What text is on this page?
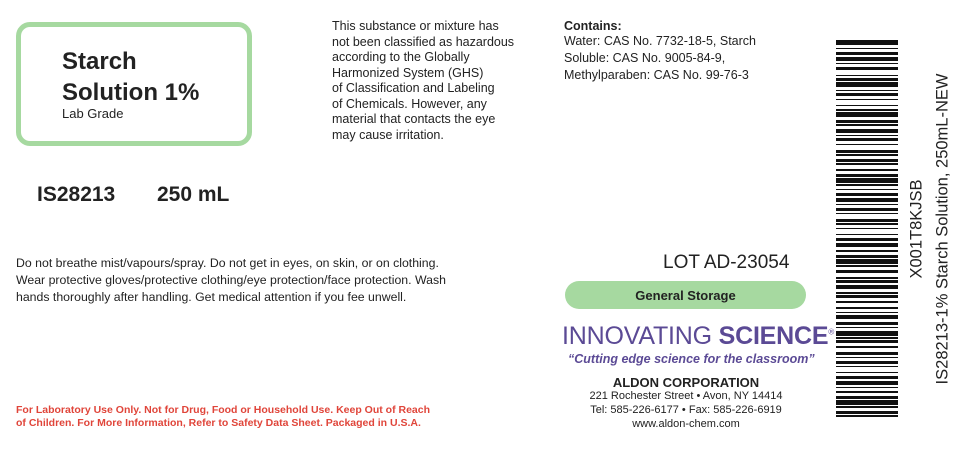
Starch
Solution 1%
Lab Grade
IS28213 250 mL
This substance or mixture has
not been classified as hazardous
according to the Globally
Harmonized System (GHS)
of Classification and Labeling
of Chemicals. However, any
material that contacts the eye
may cause irritation.
Contains:
Water: CAS No. 7732-18-5, Starch
Soluble: CAS No. 9005-84-9,
Methylparaben: CAS No. 99-76-3
Do not breathe mist/vapours/spray. Do not get in eyes, on skin, or on clothing.
Wear protective gloves/protective clothing/eye protection/face protection. Wash
hands thoroughly after handling. Get medical attention if you fee unwell.
For Laboratory Use Only. Not for Drug, Food or Household Use. Keep Out of Reach
of Children. For More Information, Refer to Safety Data Sheet. Packaged in U.S.A.
LOT AD-23054
General Storage
INNOVATING SCIENCE®
“Cutting edge science for the classroom”
ALDON CORPORATION
221 Rochester Street • Avon, NY 14414
Tel: 585-226-6177 • Fax: 585-226-6919
www.aldon-chem.com
X001T8KJSB IS28213-1% Starch Solution, 250mL-NEW
